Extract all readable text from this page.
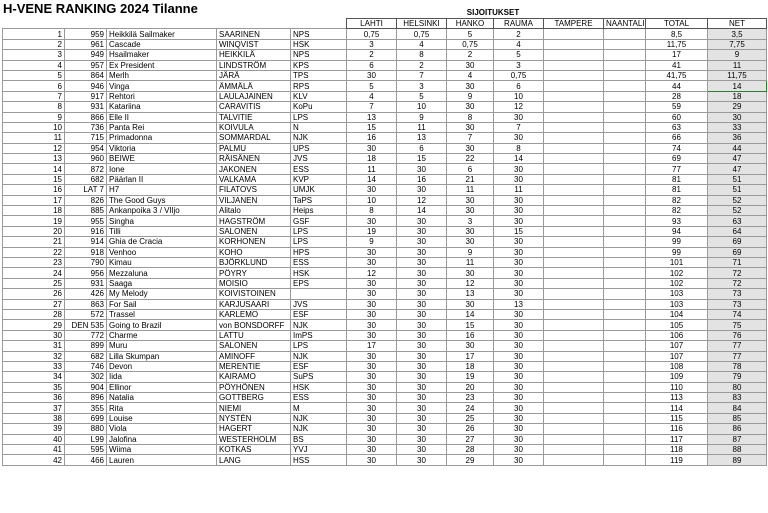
H-VENE RANKING 2024 Tilanne	SIJOITUKSET
					LAHTI	HELSINKI	HANKO	RAUMA	TAMPERE	NAANTALI	TOTAL	NET
1	959	Heikkilä Sailmaker	SAARINEN	NPS	0,75	0,75	5	2			8,5	3,5
2	961	Cascade	WINQVIST	HSK	3	4	0,75	4			11,75	7,75
3	949	Hsailmaker	HEIKKILÄ	NPS	2	8	2	5			17	9
4	957	Ex President	LINDSTRÖM	KPS	6	2	30	3			41	11
5	864	Merlh	JÄRÄ	TPS	30	7	4	0,75			41,75	11,75
6	946	Vinga	ÄMMÄLÄ	RPS	5	3	30	6			44	14
7	917	Rehtori	LAULAJAINEN	KLV	4	5	9	10			28	18
8	931	Katariina	CARAVITIS	KoPu	7	10	30	12			59	29
9	866	Elle II	TALVITIE	LPS	13	9	8	30			60	30
10	736	Panta Rei	KOIVULA	N	15	11	30	7			63	33
11	715	Primadonna	SOMMARDAL	NJK	16	13	7	30			66	36
12	954	Viktoria	PALMU	UPS	30	6	30	8			74	44
13	960	BEIWE	RÄISÄNEN	JVS	18	15	22	14			69	47
14	872	Ione	JAKONEN	ESS	11	30	6	30			77	47
15	682	Päärlan II	VALKAMA	KVP	14	16	21	30			81	51
16	LAT 7	H7	FILATOVS	UMJK	30	30	11	11			81	51
17	826	The Good Guys	VILJANEN	TaPS	10	12	30	30			82	52
18	885	Ankanpoika 3 / VIljo	Alitalo	Heips	8	14	30	30			82	52
19	955	Singha	HAGSTRÖM	GSF	30	30	3	30			93	63
20	916	Tilli	SALONEN	LPS	19	30	30	15			94	64
21	914	Ghia de Cracia	KORHONEN	LPS	9	30	30	30			99	69
22	918	Venhoo	KOHO	HPS	30	30	9	30			99	69
23	790	Kimau	BJÖRKLUND	ESS	30	30	11	30			101	71
24	956	Mezzaluna	PÖYRY	HSK	12	30	30	30			102	72
25	931	Saaga	MOISIO	EPS	30	30	12	30			102	72
26	426	My Melody	KOIVISTOINEN		30	30	13	30			103	73
27	863	For Sail	KARJUSAARI	JVS	30	30	30	13			103	73
28	572	Trassel	KARLEMO	ESF	30	30	14	30			104	74
29	DEN 535	Going to Brazil	von BONSDORFF	NJK	30	30	15	30			105	75
30	772	Charme	LATTU	ImPS	30	30	16	30			106	76
31	899	Muru	SALONEN	LPS	17	30	30	30			107	77
32	682	Lilla Skumpan	AMINOFF	NJK	30	30	17	30			107	77
33	746	Devon	MERENTIE	ESF	30	30	18	30			108	78
34	302	Iida	KAIRAMO	SuPS	30	30	19	30			109	79
35	904	Ellinor	PÖYHÖNEN	HSK	30	30	20	30			110	80
36	896	Natalia	GOTTBERG	ESS	30	30	23	30			113	83
37	355	Rita	NIEMI	M	30	30	24	30			114	84
38	699	Louise	NYSTÉN	NJK	30	30	25	30			115	85
39	880	Viola	HAGERT	NJK	30	30	26	30			116	86
40	L99	Jalofina	WESTERHOLM	BS	30	30	27	30			117	87
41	595	Wiima	KOTKAS	YVJ	30	30	28	30			118	88
42	466	Lauren	LANG	HSS	30	30	29	30			119	89
